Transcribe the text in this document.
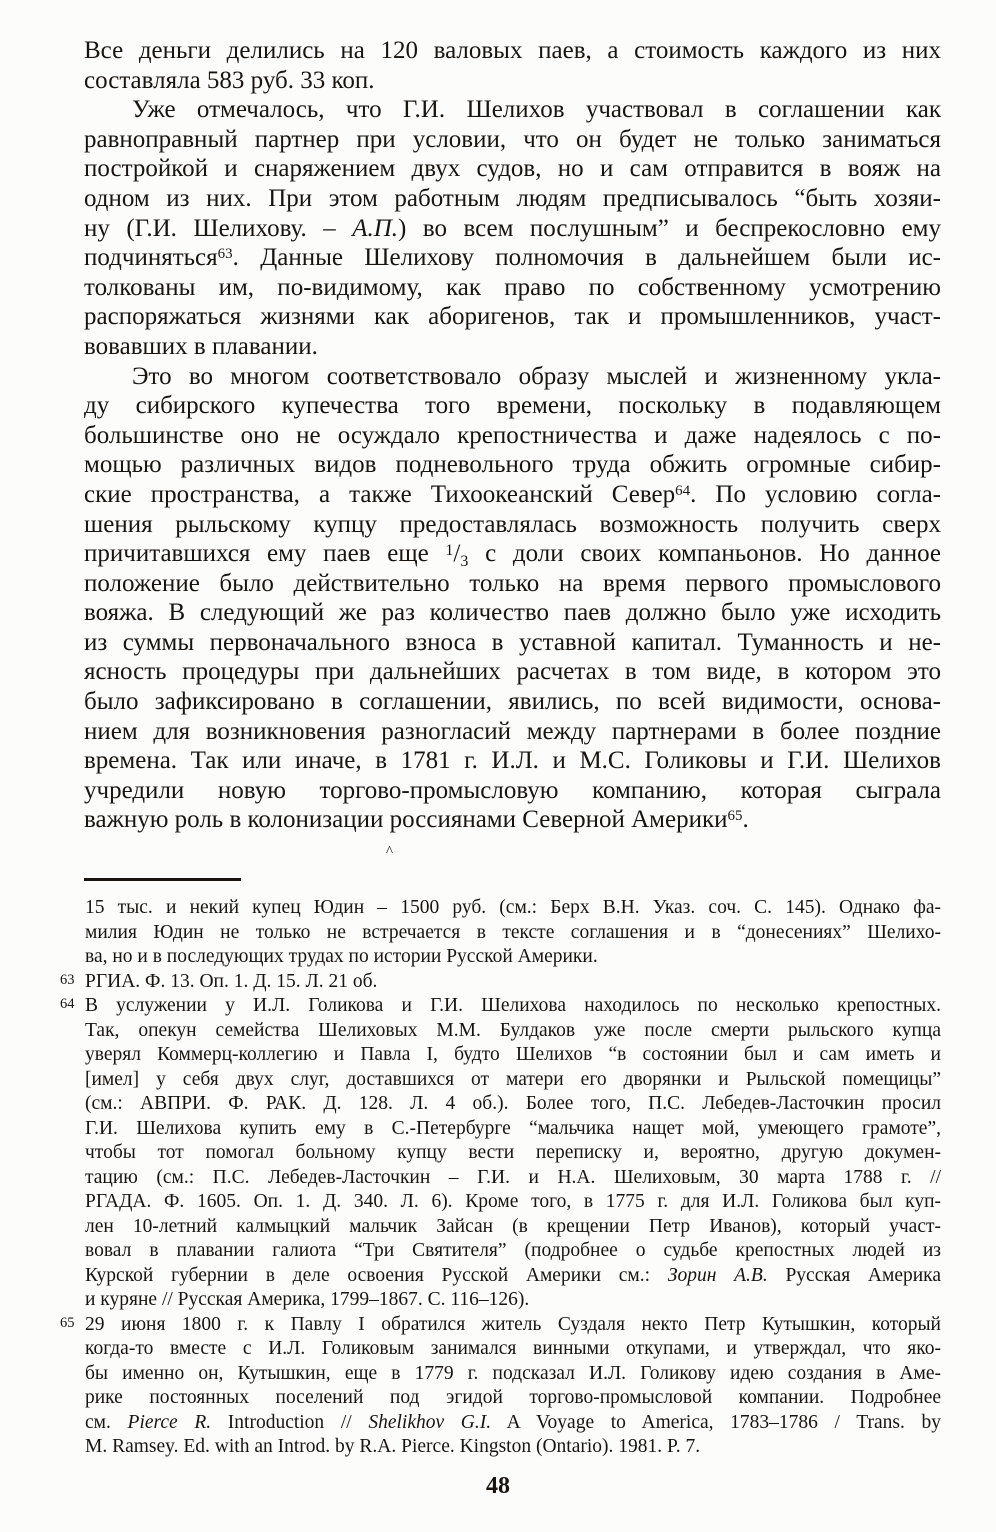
Все деньги делились на 120 валовых паев, а стоимость каждого из них
составляла 583 руб. 33 коп.
Уже отмечалось, что Г.И. Шелихов участвовал в соглашении как
равноправный партнер при условии, что он будет не только заниматься
постройкой и снаряжением двух судов, но и сам отправится в вояж на
одном из них. При этом работным людям предписывалось “быть хозяи-
ну (Г.И. Шелихову. – А.П.) во всем послушным” и беспрекословно ему
подчиняться$^{63}$. Данные Шелихову полномочия в дальнейшем были ис-
толкованы им, по-видимому, как право по собственному усмотрению
распоряжаться жизнями как аборигенов, так и промышленников, участ-
вовавших в плавании.
Это во многом соответствовало образу мыслей и жизненному укла-
ду сибирского купечества того времени, поскольку в подавляющем
большинстве оно не осуждало крепостничества и даже надеялось с по-
мощью различных видов подневольного труда обжить огромные сибир-
ские пространства, а также Тихоокеанский Север$^{64}$. По условию согла-
шения рыльскому купцу предоставлялась возможность получить сверх
причитавшихся ему паев еще $^1/_3$ с доли своих компаньонов. Но данное
положение было действительно только на время первого промыслового
вояжа. В следующий же раз количество паев должно было уже исходить
из суммы первоначального взноса в уставной капитал. Туманность и не-
ясность процедуры при дальнейших расчетах в том виде, в котором это
было зафиксировано в соглашении, явились, по всей видимости, основа-
нием для возникновения разногласий между партнерами в более поздние
времена. Так или иначе, в 1781 г. И.Л. и М.С. Голиковы и Г.И. Шелихов
учредили новую торгово-промысловую компанию, которая сыграла
важную роль в колонизации россиянами Северной Америки$^{65}$.
^
15 тыс. и некий купец Юдин – 1500 руб. (см.: Берх В.Н. Указ. соч. С. 145). Однако фа-
милия Юдин не только не встречается в тексте соглашения и в “донесениях” Шелихо-
ва, но и в последующих трудах по истории Русской Америки.
63 РГИА. Ф. 13. Оп. 1. Д. 15. Л. 21 об.
64 В услужении у И.Л. Голикова и Г.И. Шелихова находилось по несколько крепостных.
Так, опекун семейства Шелиховых М.М. Булдаков уже после смерти рыльского купца
уверял Коммерц-коллегию и Павла I, будто Шелихов “в состоянии был и сам иметь и
[имел] у себя двух слуг, доставшихся от матери его дворянки и Рыльской помещицы”
(см.: АВПРИ. Ф. РАК. Д. 128. Л. 4 об.). Более того, П.С. Лебедев-Ласточкин просил
Г.И. Шелихова купить ему в С.-Петербурге “мальчика нащет мой, умеющего грамоте”,
чтобы тот помогал больному купцу вести переписку и, вероятно, другую докумен-
тацию (см.: П.С. Лебедев-Ласточкин – Г.И. и Н.А. Шелиховым, 30 марта 1788 г. //
РГАДА. Ф. 1605. Оп. 1. Д. 340. Л. 6). Кроме того, в 1775 г. для И.Л. Голикова был куп-
лен 10-летний калмыцкий мальчик Зайсан (в крещении Петр Иванов), который участ-
вовал в плавании галиота “Три Святителя” (подробнее о судьбе крепостных людей из
Курской губернии в деле освоения Русской Америки см.: Зорин А.В. Русская Америка
и куряне // Русская Америка, 1799–1867. С. 116–126).
65 29 июня 1800 г. к Павлу I обратился житель Суздаля некто Петр Кутышкин, который
когда-то вместе с И.Л. Голиковым занимался винными откупами, и утверждал, что яко-
бы именно он, Кутышкин, еще в 1779 г. подсказал И.Л. Голикову идею создания в Аме-
рике постоянных поселений под эгидой торгово-промысловой компании. Подробнее
см. Pierce R. Introduction // Shelikhov G.I. A Voyage to America, 1783–1786 / Trans. by
M. Ramsey. Ed. with an Introd. by R.A. Pierce. Kingston (Ontario). 1981. P. 7.
48
